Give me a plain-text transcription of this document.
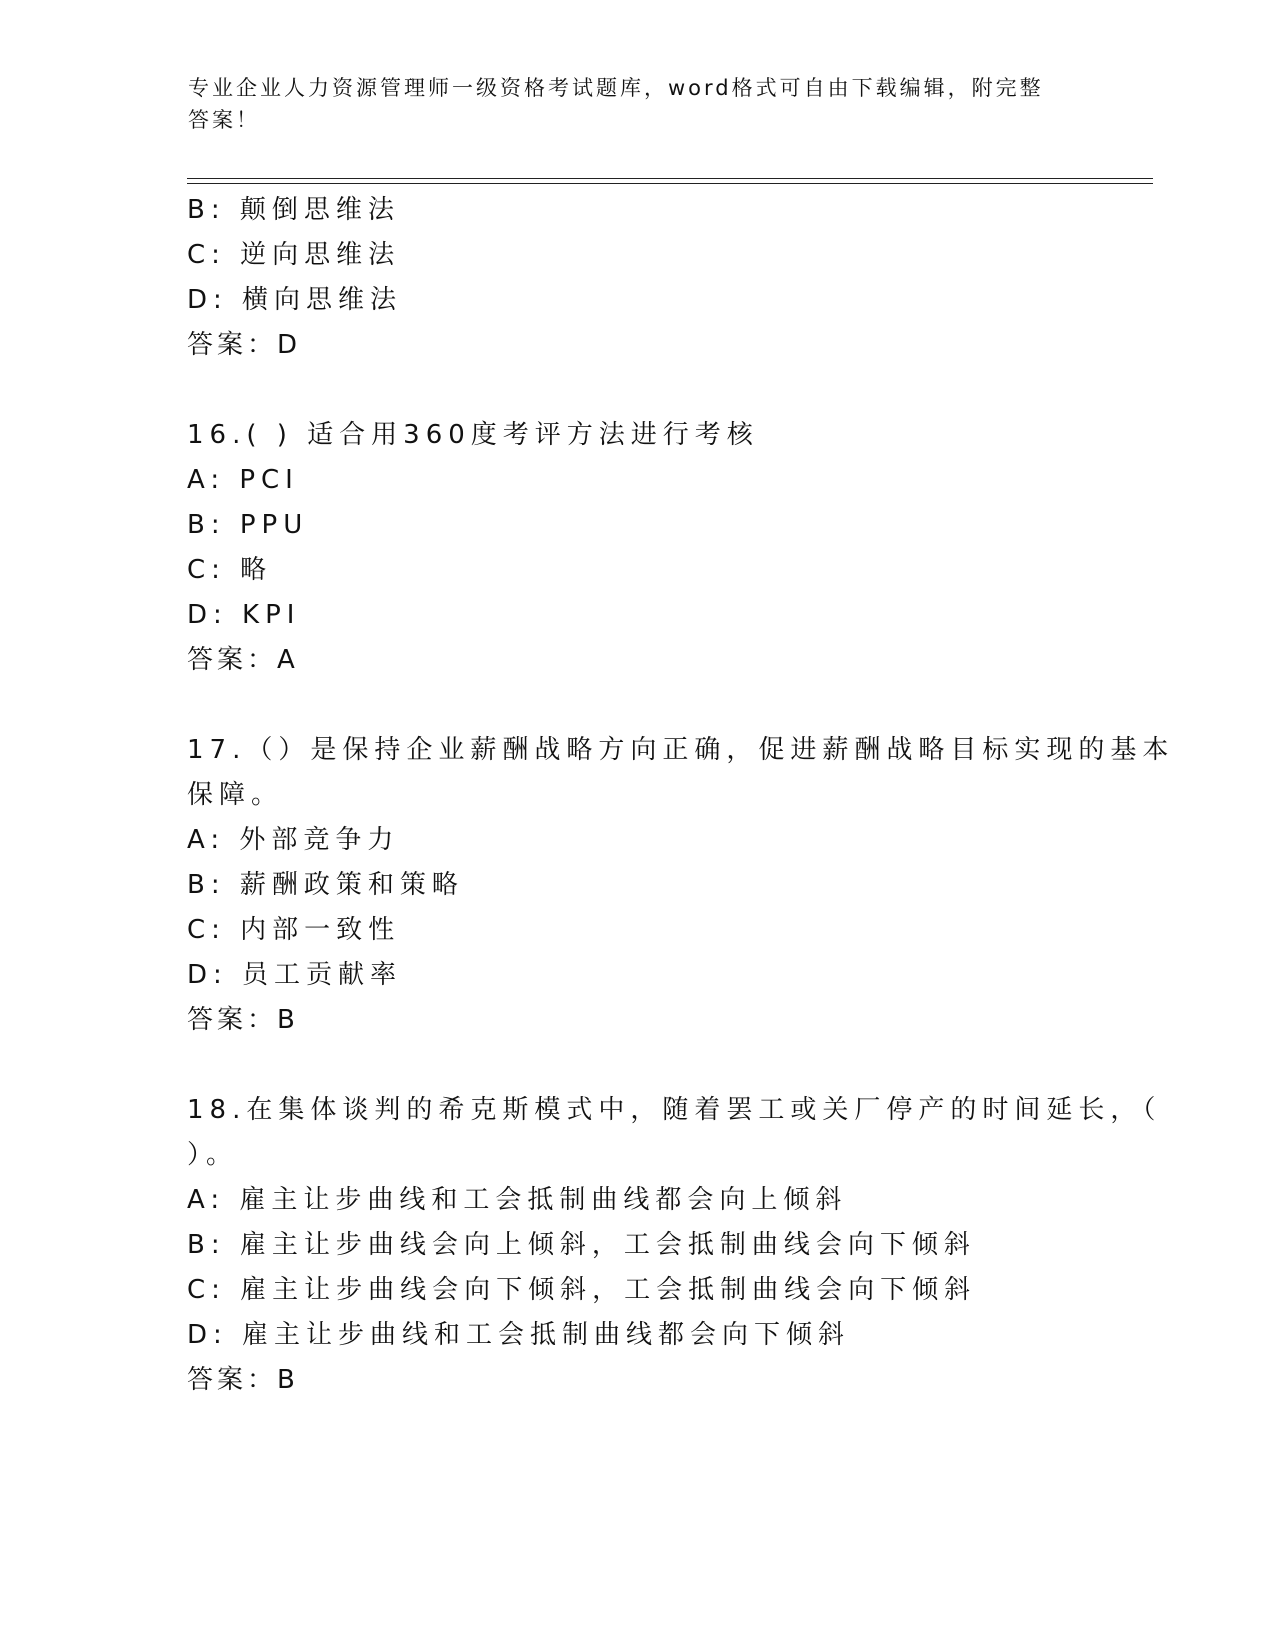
专业企业人力资源管理师一级资格考试题库，word格式可自由下载编辑，附完整
答案！
B: 颠倒思维法
C: 逆向思维法
D: 横向思维法
答案：D
16.( ) 适合用360度考评方法进行考核
A: PCI
B: PPU
C: 略
D: KPI
答案：A
17.（）是保持企业薪酬战略方向正确，促进薪酬战略目标实现的基本
保障。
A: 外部竞争力
B: 薪酬政策和策略
C: 内部一致性
D: 员工贡献率
答案：B
18.在集体谈判的希克斯模式中，随着罢工或关厂停产的时间延长，（
）。
A: 雇主让步曲线和工会抵制曲线都会向上倾斜
B: 雇主让步曲线会向上倾斜，工会抵制曲线会向下倾斜
C: 雇主让步曲线会向下倾斜，工会抵制曲线会向下倾斜
D: 雇主让步曲线和工会抵制曲线都会向下倾斜
答案：B
